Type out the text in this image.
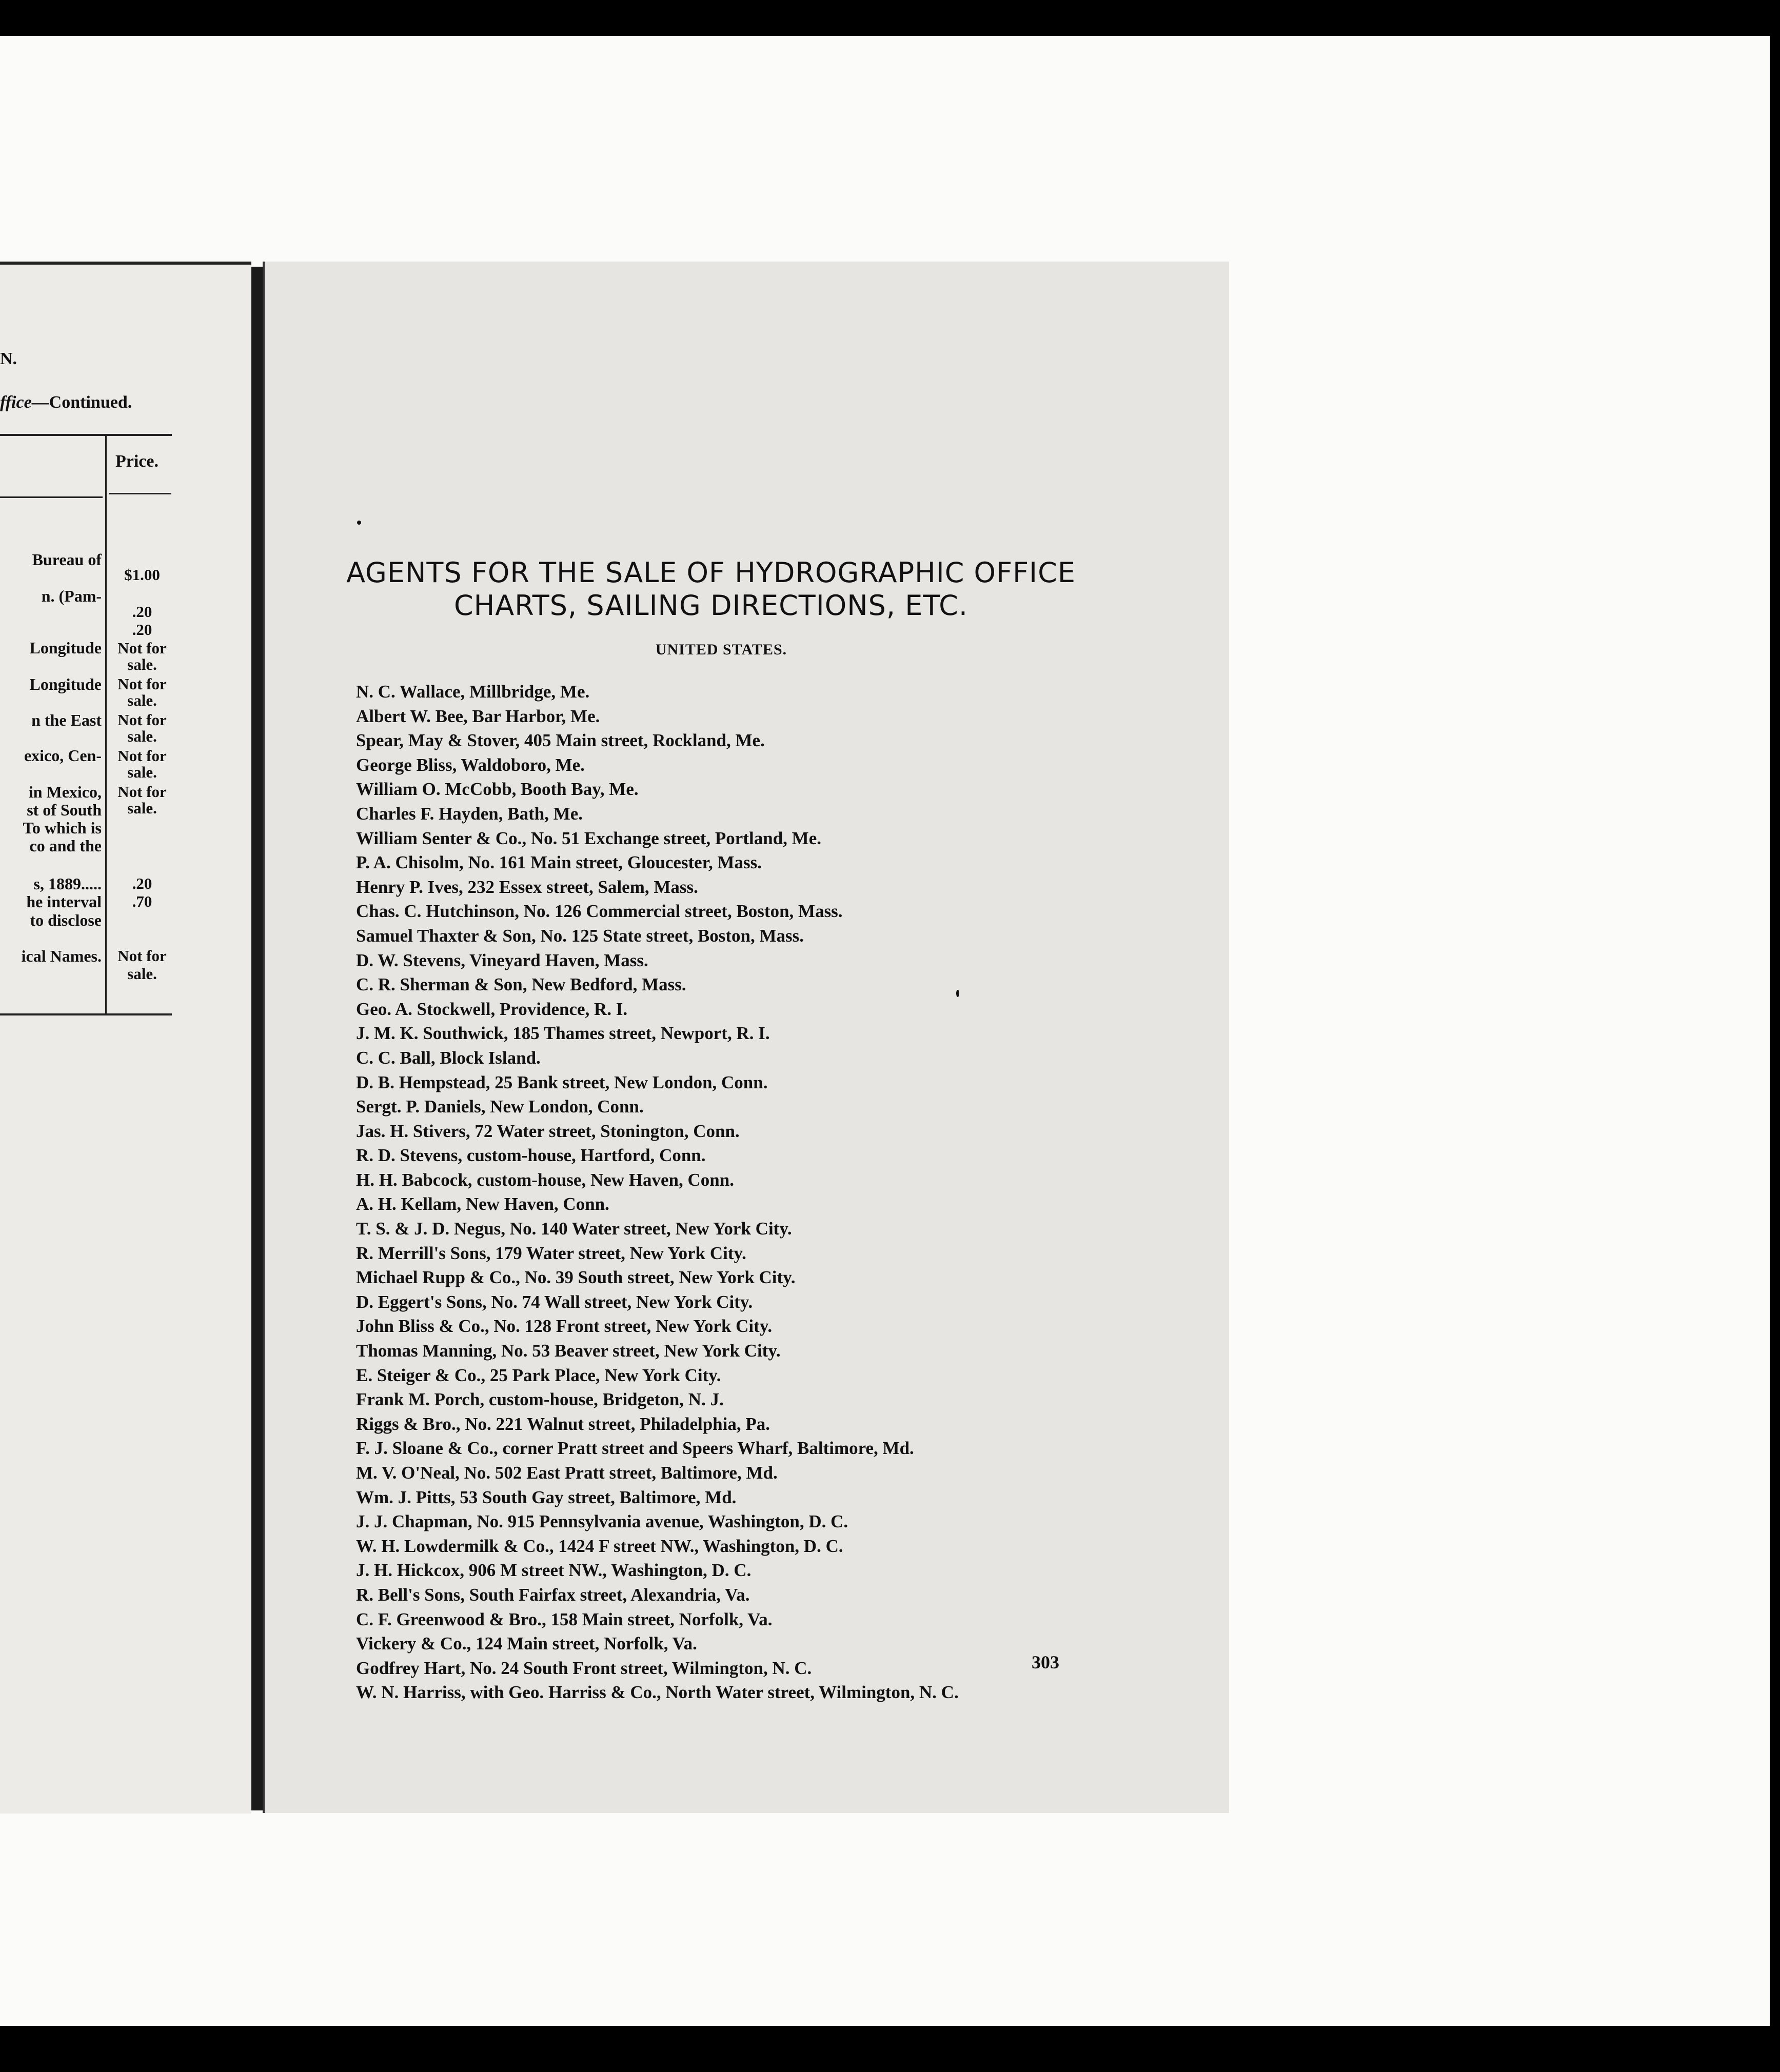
N.
ffice—Continued.
Price.
Bureau of
n. (Pam-
Longitude
Longitude
n the East
exico, Cen-
in Mexico,
st of South
To which is
co and the
s, 1889.....
he interval
to disclose
ical Names.
$1.00
.20
.20
Not for
sale.
Not for
sale.
Not for
sale.
Not for
sale.
Not for
sale.
.20
.70
Not for
sale.
AGENTS FOR THE SALE OF HYDROGRAPHIC OFFICE CHARTS, SAILING DIRECTIONS, ETC.
UNITED STATES.
N. C. Wallace, Millbridge, Me.
Albert W. Bee, Bar Harbor, Me.
Spear, May & Stover, 405 Main street, Rockland, Me.
George Bliss, Waldoboro, Me.
William O. McCobb, Booth Bay, Me.
Charles F. Hayden, Bath, Me.
William Senter & Co., No. 51 Exchange street, Portland, Me.
P. A. Chisolm, No. 161 Main street, Gloucester, Mass.
Henry P. Ives, 232 Essex street, Salem, Mass.
Chas. C. Hutchinson, No. 126 Commercial street, Boston, Mass.
Samuel Thaxter & Son, No. 125 State street, Boston, Mass.
D. W. Stevens, Vineyard Haven, Mass.
C. R. Sherman & Son, New Bedford, Mass.
Geo. A. Stockwell, Providence, R. I.
J. M. K. Southwick, 185 Thames street, Newport, R. I.
C. C. Ball, Block Island.
D. B. Hempstead, 25 Bank street, New London, Conn.
Sergt. P. Daniels, New London, Conn.
Jas. H. Stivers, 72 Water street, Stonington, Conn.
R. D. Stevens, custom-house, Hartford, Conn.
H. H. Babcock, custom-house, New Haven, Conn.
A. H. Kellam, New Haven, Conn.
T. S. & J. D. Negus, No. 140 Water street, New York City.
R. Merrill's Sons, 179 Water street, New York City.
Michael Rupp & Co., No. 39 South street, New York City.
D. Eggert's Sons, No. 74 Wall street, New York City.
John Bliss & Co., No. 128 Front street, New York City.
Thomas Manning, No. 53 Beaver street, New York City.
E. Steiger & Co., 25 Park Place, New York City.
Frank M. Porch, custom-house, Bridgeton, N. J.
Riggs & Bro., No. 221 Walnut street, Philadelphia, Pa.
F. J. Sloane & Co., corner Pratt street and Speers Wharf, Baltimore, Md.
M. V. O'Neal, No. 502 East Pratt street, Baltimore, Md.
Wm. J. Pitts, 53 South Gay street, Baltimore, Md.
J. J. Chapman, No. 915 Pennsylvania avenue, Washington, D. C.
W. H. Lowdermilk & Co., 1424 F street NW., Washington, D. C.
J. H. Hickcox, 906 M street NW., Washington, D. C.
R. Bell's Sons, South Fairfax street, Alexandria, Va.
C. F. Greenwood & Bro., 158 Main street, Norfolk, Va.
Vickery & Co., 124 Main street, Norfolk, Va.
Godfrey Hart, No. 24 South Front street, Wilmington, N. C.
W. N. Harriss, with Geo. Harriss & Co., North Water street, Wilmington, N. C.
303
